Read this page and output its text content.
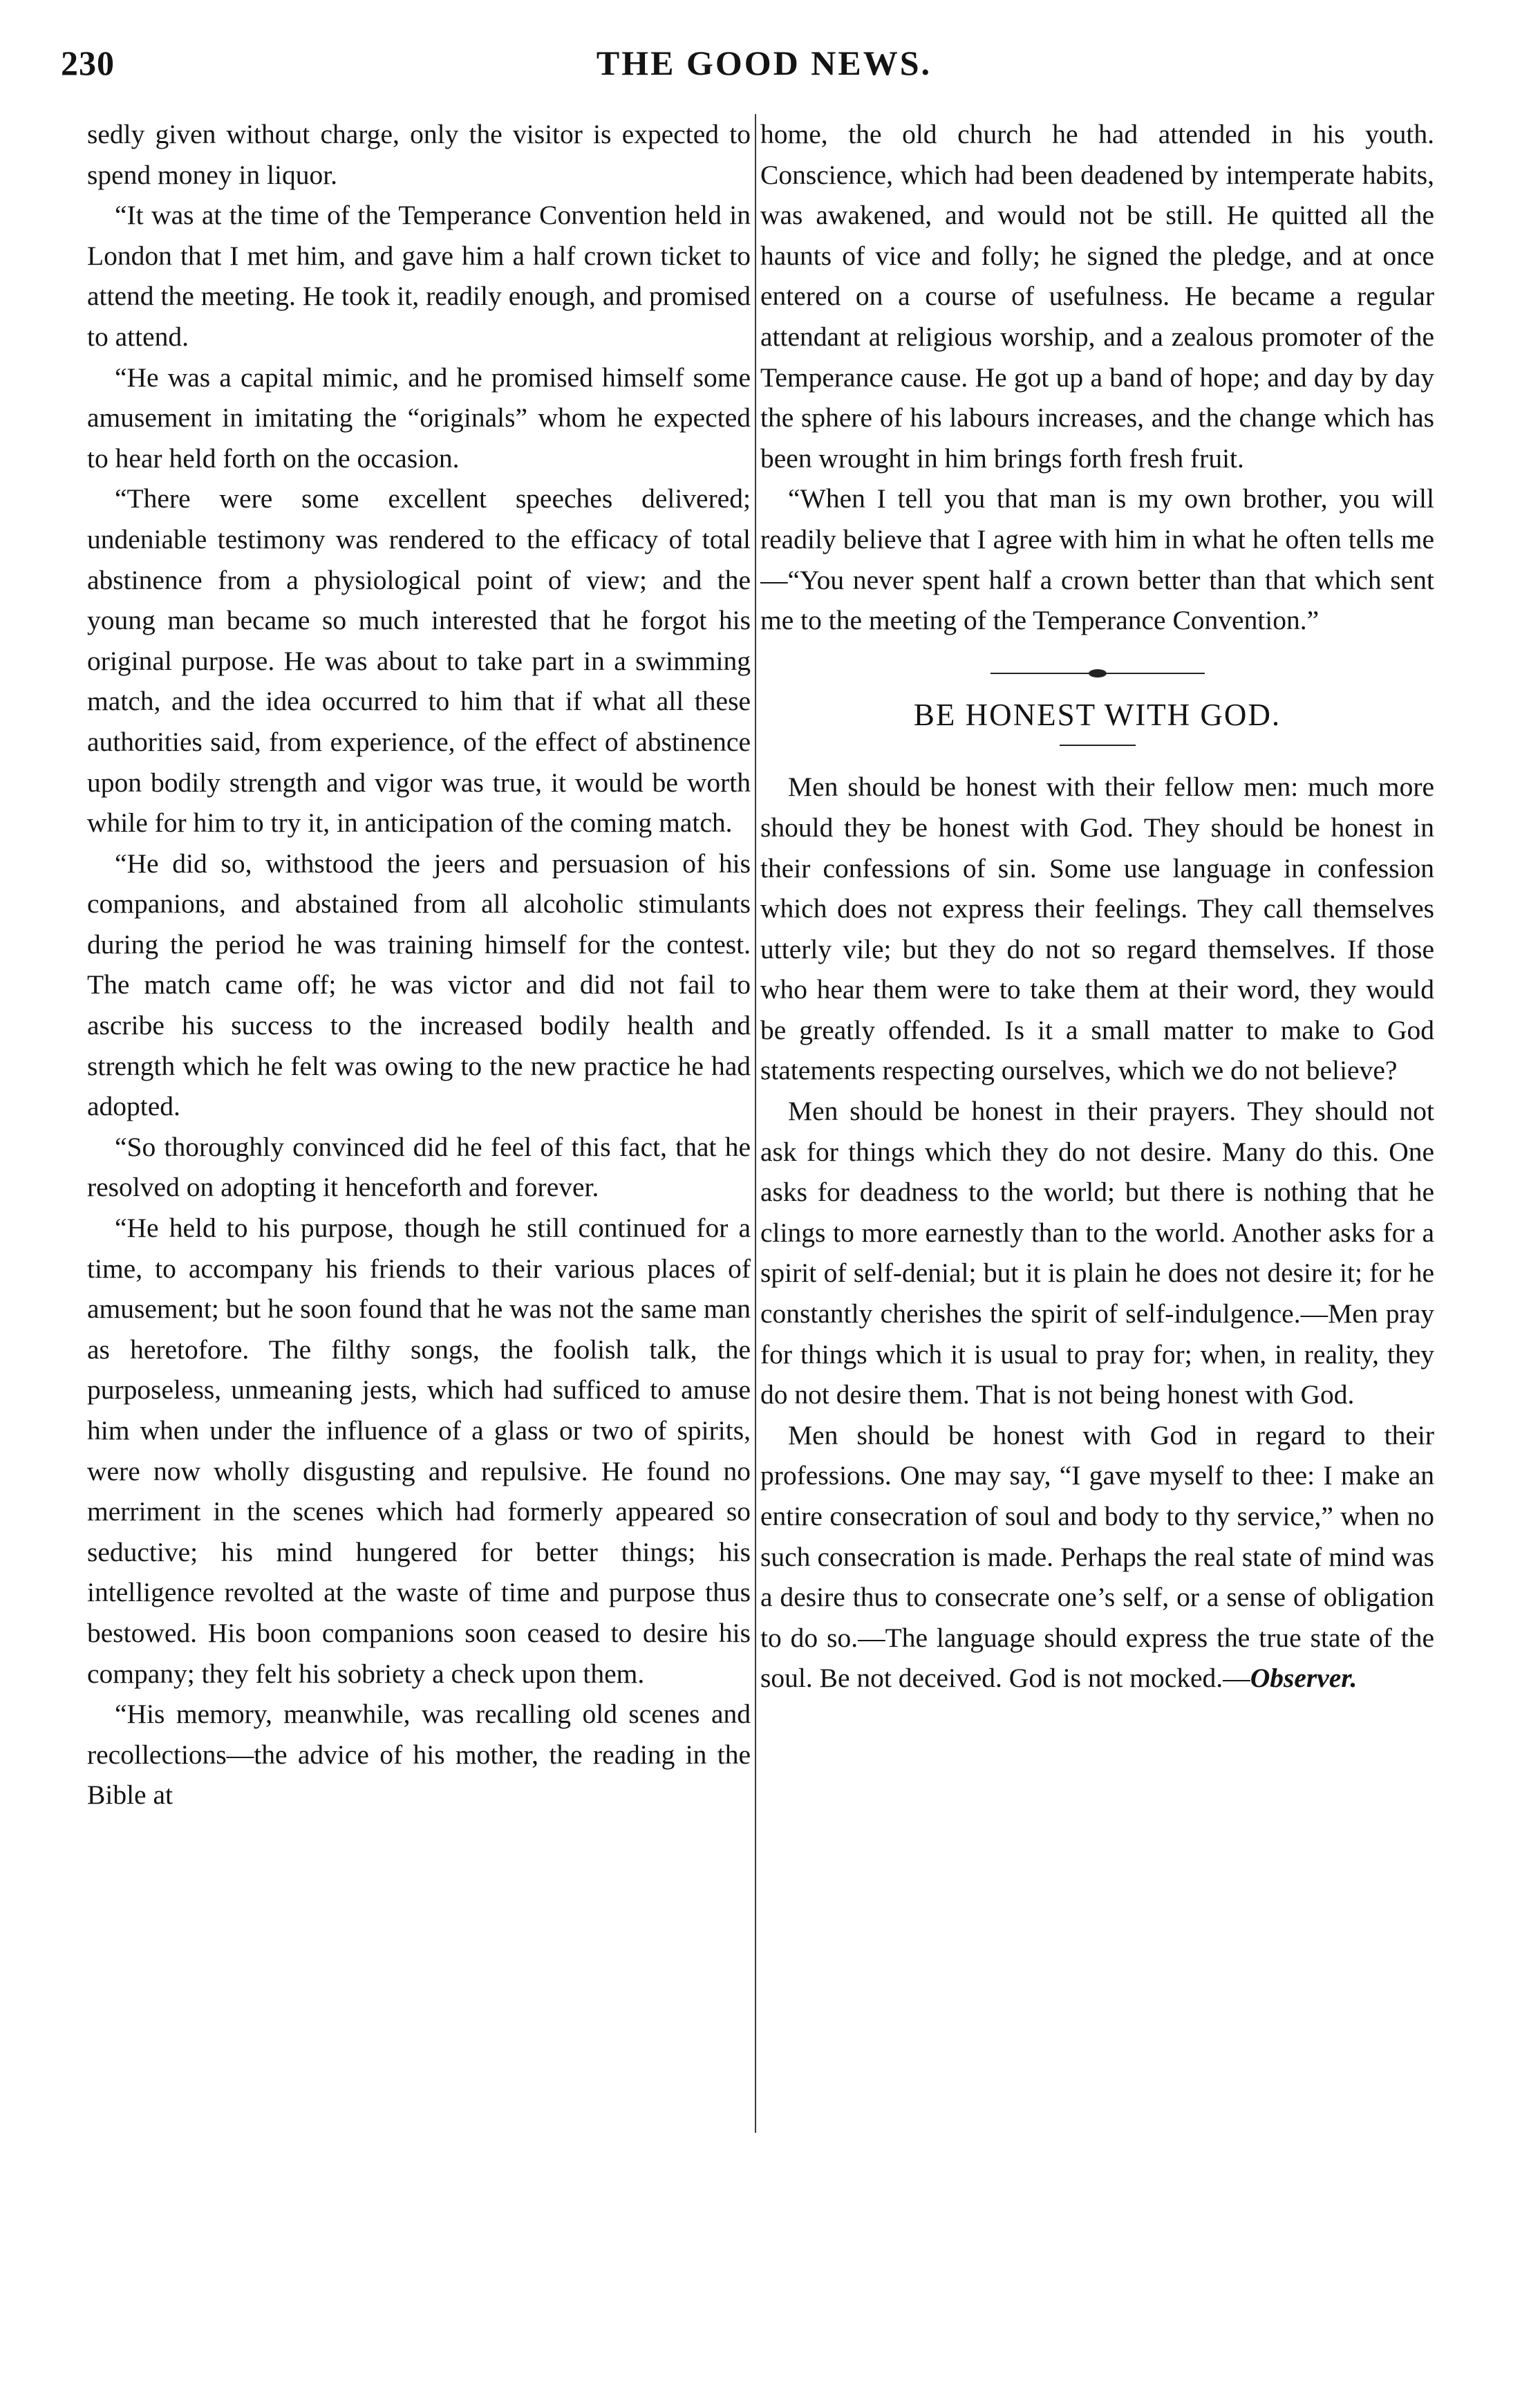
230	THE GOOD NEWS.

sedly given without charge, only the visitor is expected to spend money in liquor.

“It was at the time of the Temperance Convention held in London that I met him, and gave him a half crown ticket to attend the meeting. He took it, readily enough, and promised to attend.

“He was a capital mimic, and he promised himself some amusement in imitating the “originals” whom he expected to hear held forth on the occasion.

“There were some excellent speeches delivered; undeniable testimony was rendered to the efficacy of total abstinence from a physiological point of view; and the young man became so much interested that he forgot his original purpose. He was about to take part in a swimming match, and the idea occurred to him that if what all these authorities said, from experience, of the effect of abstinence upon bodily strength and vigor was true, it would be worth while for him to try it, in anticipation of the coming match.

“He did so, withstood the jeers and persuasion of his companions, and abstained from all alcoholic stimulants during the period he was training himself for the contest. The match came off; he was victor and did not fail to ascribe his success to the increased bodily health and strength which he felt was owing to the new practice he had adopted.

“So thoroughly convinced did he feel of this fact, that he resolved on adopting it henceforth and forever.

“He held to his purpose, though he still continued for a time, to accompany his friends to their various places of amusement; but he soon found that he was not the same man as heretofore. The filthy songs, the foolish talk, the purposeless, unmeaning jests, which had sufficed to amuse him when under the influence of a glass or two of spirits, were now wholly disgusting and repulsive. He found no merriment in the scenes which had formerly appeared so seductive; his mind hungered for better things; his intelligence revolted at the waste of time and purpose thus bestowed. His boon companions soon ceased to desire his company; they felt his sobriety a check upon them.

“His memory, meanwhile, was recalling old scenes and recollections—the advice of his mother, the reading in the Bible at

home, the old church he had attended in his youth. Conscience, which had been deadened by intemperate habits, was awakened, and would not be still. He quitted all the haunts of vice and folly; he signed the pledge, and at once entered on a course of usefulness. He became a regular attendant at religious worship, and a zealous promoter of the Temperance cause. He got up a band of hope; and day by day the sphere of his labours increases, and the change which has been wrought in him brings forth fresh fruit.

“When I tell you that man is my own brother, you will readily believe that I agree with him in what he often tells me—“You never spent half a crown better than that which sent me to the meeting of the Temperance Convention.”

BE HONEST WITH GOD.

Men should be honest with their fellow men: much more should they be honest with God. They should be honest in their confessions of sin. Some use language in confession which does not express their feelings. They call themselves utterly vile; but they do not so regard themselves. If those who hear them were to take them at their word, they would be greatly offended. Is it a small matter to make to God statements respecting ourselves, which we do not believe?

Men should be honest in their prayers. They should not ask for things which they do not desire. Many do this. One asks for deadness to the world; but there is nothing that he clings to more earnestly than to the world. Another asks for a spirit of self-denial; but it is plain he does not desire it; for he constantly cherishes the spirit of self-indulgence.—Men pray for things which it is usual to pray for; when, in reality, they do not desire them. That is not being honest with God.

Men should be honest with God in regard to their professions. One may say, “I gave myself to thee: I make an entire consecration of soul and body to thy service,” when no such consecration is made. Perhaps the real state of mind was a desire thus to consecrate one’s self, or a sense of obligation to do so.—The language should express the true state of the soul. Be not deceived. God is not mocked.—Observer.
